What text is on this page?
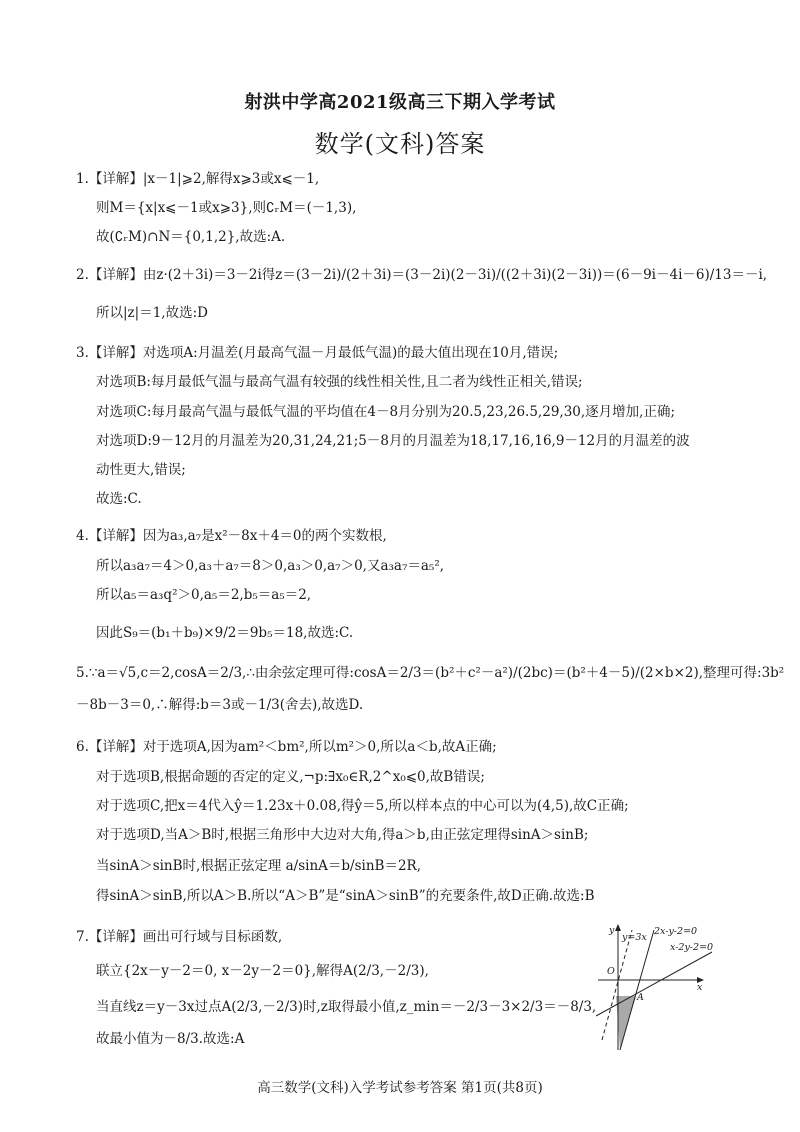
射洪中学高2021级高三下期入学考试
数学(文科)答案
1.【详解】|x－1|⩾2,解得x⩾3或x⩽－1,
则M＝{x|x⩽－1或x⩾3},则∁ᵣM＝(－1,3),
故(∁ᵣM)∩N＝{0,1,2},故选:A.
2.【详解】由z·(2＋3i)＝3－2i得z＝(3－2i)/(2＋3i)＝(3－2i)(2－3i)/((2＋3i)(2－3i))＝(6－9i－4i－6)/13＝－i,
所以|z|＝1,故选:D
3.【详解】对选项A:月温差(月最高气温－月最低气温)的最大值出现在10月,错误;
对选项B:每月最低气温与最高气温有较强的线性相关性,且二者为线性正相关,错误;
对选项C:每月最高气温与最低气温的平均值在4－8月分别为20.5,23,26.5,29,30,逐月增加,正确;
对选项D:9－12月的月温差为20,31,24,21;5－8月的月温差为18,17,16,16,9－12月的月温差的波
动性更大,错误;
故选:C.
4.【详解】因为a₃,a₇是x²－8x＋4＝0的两个实数根,
所以a₃a₇＝4＞0,a₃＋a₇＝8＞0,a₃＞0,a₇＞0,又a₃a₇＝a₅²,
所以a₅＝a₃q²＞0,a₅＝2,b₅＝a₅＝2,
因此S₉＝(b₁＋b₉)×9/2＝9b₅＝18,故选:C.
5.∵a＝√5,c＝2,cosA＝2/3,∴由余弦定理可得:cosA＝2/3＝(b²＋c²－a²)/(2bc)＝(b²＋4－5)/(2×b×2),整理可得:3b²
－8b－3＝0,∴解得:b＝3或－1/3(舍去),故选D.
6.【详解】对于选项A,因为am²＜bm²,所以m²＞0,所以a＜b,故A正确;
对于选项B,根据命题的否定的定义,¬p:∃x₀∈R,2^x₀⩽0,故B错误;
对于选项C,把x＝4代入ŷ＝1.23x＋0.08,得ŷ＝5,所以样本点的中心可以为(4,5),故C正确;
对于选项D,当A＞B时,根据三角形中大边对大角,得a＞b,由正弦定理得sinA＞sinB;
当sinA＞sinB时,根据正弦定理 a/sinA＝b/sinB＝2R,
得sinA＞sinB,所以A＞B.所以“A＞B”是“sinA＞sinB”的充要条件,故D正确.故选:B
7.【详解】画出可行域与目标函数,
联立{2x－y－2＝0, x－2y－2＝0},解得A(2/3,－2/3),
当直线z＝y－3x过点A(2/3,－2/3)时,z取得最小值,z_min＝－2/3－3×2/3＝－8/3,
故最小值为－8/3.故选:A
y
x
O
A
y=3x
2x-y-2=0
x-2y-2=0
高三数学(文科)入学考试参考答案 第1页(共8页)
